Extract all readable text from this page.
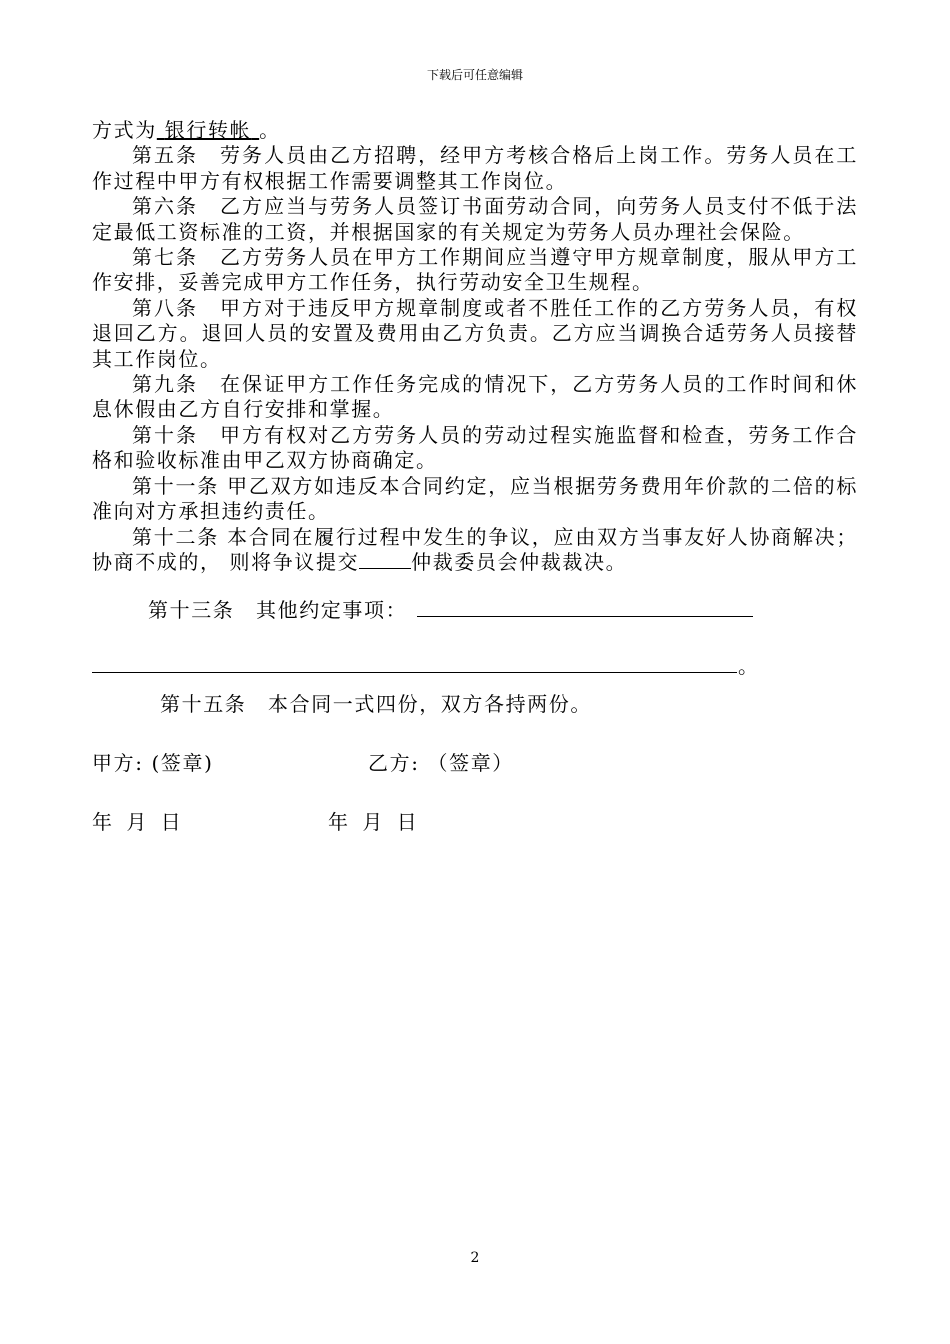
下载后可任意编辑

方式为 银行转帐 。

第五条　劳务人员由乙方招聘，经甲方考核合格后上岗工作。劳务人员在工作过程中甲方有权根据工作需要调整其工作岗位。

第六条　乙方应当与劳务人员签订书面劳动合同，向劳务人员支付不低于法定最低工资标准的工资，并根据国家的有关规定为劳务人员办理社会保险。

第七条　乙方劳务人员在甲方工作期间应当遵守甲方规章制度，服从甲方工作安排，妥善完成甲方工作任务，执行劳动安全卫生规程。

第八条　甲方对于违反甲方规章制度或者不胜任工作的乙方劳务人员，有权退回乙方。退回人员的安置及费用由乙方负责。乙方应当调换合适劳务人员接替其工作岗位。

第九条　在保证甲方工作任务完成的情况下，乙方劳务人员的工作时间和休息休假由乙方自行安排和掌握。

第十条　甲方有权对乙方劳务人员的劳动过程实施监督和检查，劳务工作合格和验收标准由甲乙双方协商确定。

第十一条 甲乙双方如违反本合同约定，应当根据劳务费用年价款的二倍的标准向对方承担违约责任。

第十二条 本合同在履行过程中发生的争议，应由双方当事友好人协商解决；协商不成的， 则将争议提交	仲裁委员会仲裁裁决。

第十三条　其他约定事项：
。
第十五条　本合同一式四份，双方各持两份。
甲方: (签章)	乙方: （签章）
年 月 日	年 月 日
2
